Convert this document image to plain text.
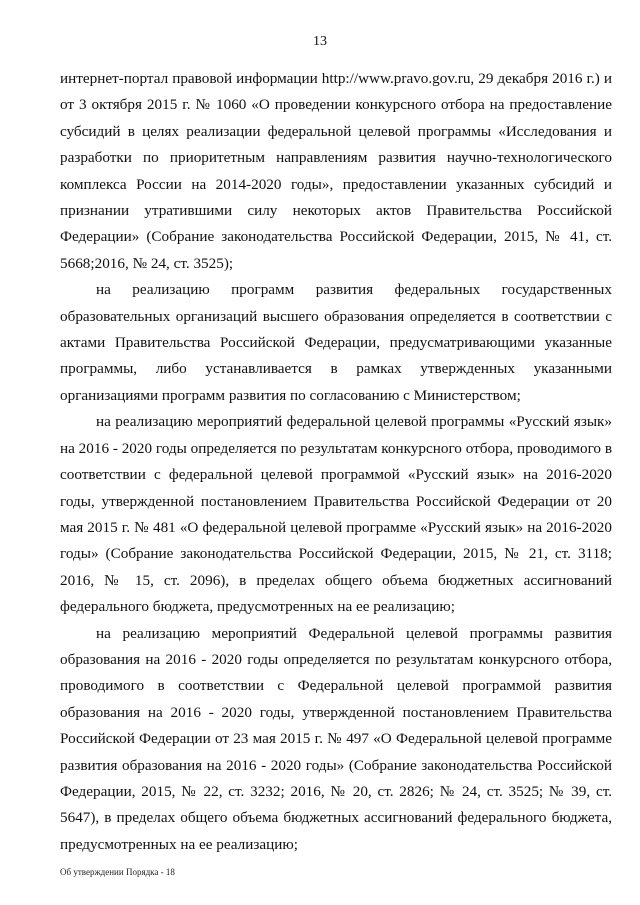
13

интернет-портал правовой информации http://www.pravo.gov.ru, 29 декабря 2016 г.) и от 3 октября 2015 г. № 1060 «О проведении конкурсного отбора на предоставление субсидий в целях реализации федеральной целевой программы «Исследования и разработки по приоритетным направлениям развития научно-технологического комплекса России на 2014-2020 годы», предоставлении указанных субсидий и признании утратившими силу некоторых актов Правительства Российской Федерации» (Собрание законодательства Российской Федерации, 2015, № 41, ст. 5668;2016, № 24, ст. 3525);

на реализацию программ развития федеральных государственных образовательных организаций высшего образования определяется в соответствии с актами Правительства Российской Федерации, предусматривающими указанные программы, либо устанавливается в рамках утвержденных указанными организациями программ развития по согласованию с Министерством;

на реализацию мероприятий федеральной целевой программы «Русский язык» на 2016 - 2020 годы определяется по результатам конкурсного отбора, проводимого в соответствии с федеральной целевой программой «Русский язык» на 2016-2020 годы, утвержденной постановлением Правительства Российской Федерации от 20 мая 2015 г. № 481 «О федеральной целевой программе «Русский язык» на 2016-2020 годы» (Собрание законодательства Российской Федерации, 2015, № 21, ст. 3118; 2016, № 15, ст. 2096), в пределах общего объема бюджетных ассигнований федерального бюджета, предусмотренных на ее реализацию;

на реализацию мероприятий Федеральной целевой программы развития образования на 2016 - 2020 годы определяется по результатам конкурсного отбора, проводимого в соответствии с Федеральной целевой программой развития образования на 2016 - 2020 годы, утвержденной постановлением Правительства Российской Федерации от 23 мая 2015 г. № 497 «О Федеральной целевой программе развития образования на 2016 - 2020 годы» (Собрание законодательства Российской Федерации, 2015, № 22, ст. 3232; 2016, № 20, ст. 2826; № 24, ст. 3525; № 39, ст. 5647), в пределах общего объема бюджетных ассигнований федерального бюджета, предусмотренных на ее реализацию;

Об утверждении Порядка - 18
